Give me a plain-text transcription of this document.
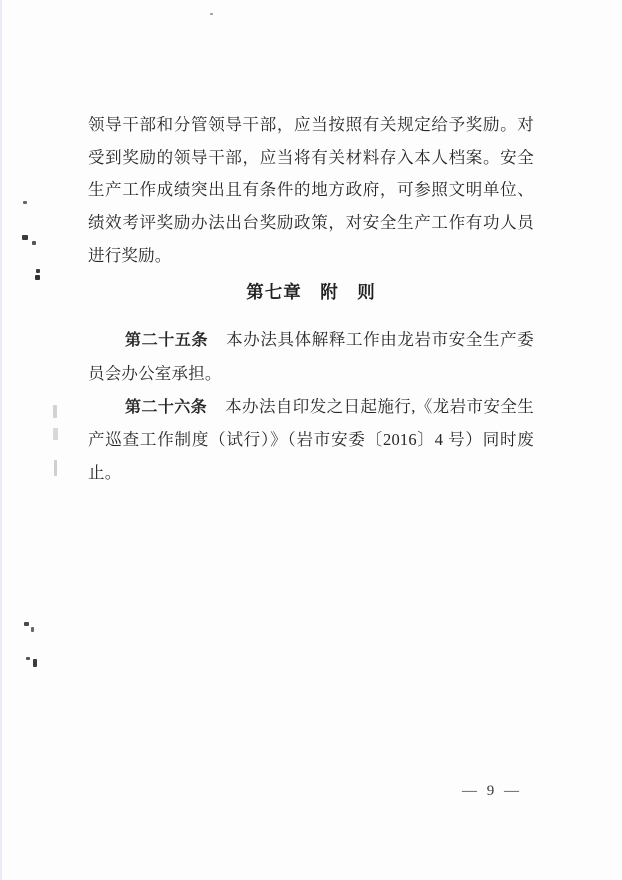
领导干部和分管领导干部，应当按照有关规定给予奖励。对
受到奖励的领导干部，应当将有关材料存入本人档案。安全
生产工作成绩突出且有条件的地方政府，可参照文明单位、
绩效考评奖励办法出台奖励政策，对安全生产工作有功人员
进行奖励。
第七章　附　则
第二十五条 本办法具体解释工作由龙岩市安全生产委
员会办公室承担。
第二十六条 本办法自印发之日起施行,《龙岩市安全生
产巡查工作制度（试行）》（岩市安委〔2016〕4 号）同时废
止。
— 9 —
